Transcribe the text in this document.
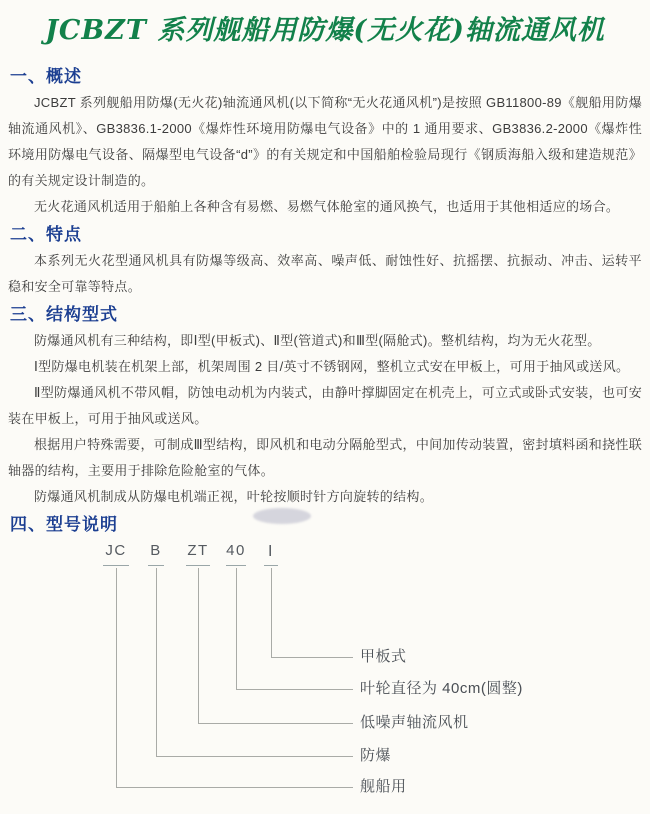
JCBZT 系列舰船用防爆(无火花)轴流通风机
一、概述

JCBZT 系列舰船用防爆(无火花)轴流通风机(以下简称“无火花通风机”)是按照 GB11800-89《舰船用防爆轴流通风机》、GB3836.1-2000《爆炸性环境用防爆电气设备》中的 1 通用要求、GB3836.2-2000《爆炸性环境用防爆电气设备、隔爆型电气设备“d”》的有关规定和中国船舶检验局现行《钢质海船入级和建造规范》的有关规定设计制造的。

无火花通风机适用于船舶上各种含有易燃、易燃气体舱室的通风换气，也适用于其他相适应的场合。

二、特点

本系列无火花型通风机具有防爆等级高、效率高、噪声低、耐蚀性好、抗摇摆、抗振动、冲击、运转平稳和安全可靠等特点。

三、结构型式

防爆通风机有三种结构，即Ⅰ型(甲板式)、Ⅱ型(管道式)和Ⅲ型(隔舱式)。整机结构，均为无火花型。

Ⅰ型防爆电机装在机架上部，机架周围 2 目/英寸不锈钢网，整机立式安在甲板上，可用于抽风或送风。

Ⅱ型防爆通风机不带风帽，防蚀电动机为内装式，由静叶撑脚固定在机壳上，可立式或卧式安装，也可安装在甲板上，可用于抽风或送风。

根据用户特殊需要，可制成Ⅲ型结构，即风机和电动分隔舱型式，中间加传动装置，密封填料函和挠性联轴器的结构，主要用于排除危险舱室的气体。

防爆通风机制成从防爆电机端正视，叶轮按顺时针方向旋转的结构。

四、型号说明
JC B ZT 40 Ⅰ
舰船用
防爆
低噪声轴流风机
叶轮直径为 40cm(圆整)
甲板式
